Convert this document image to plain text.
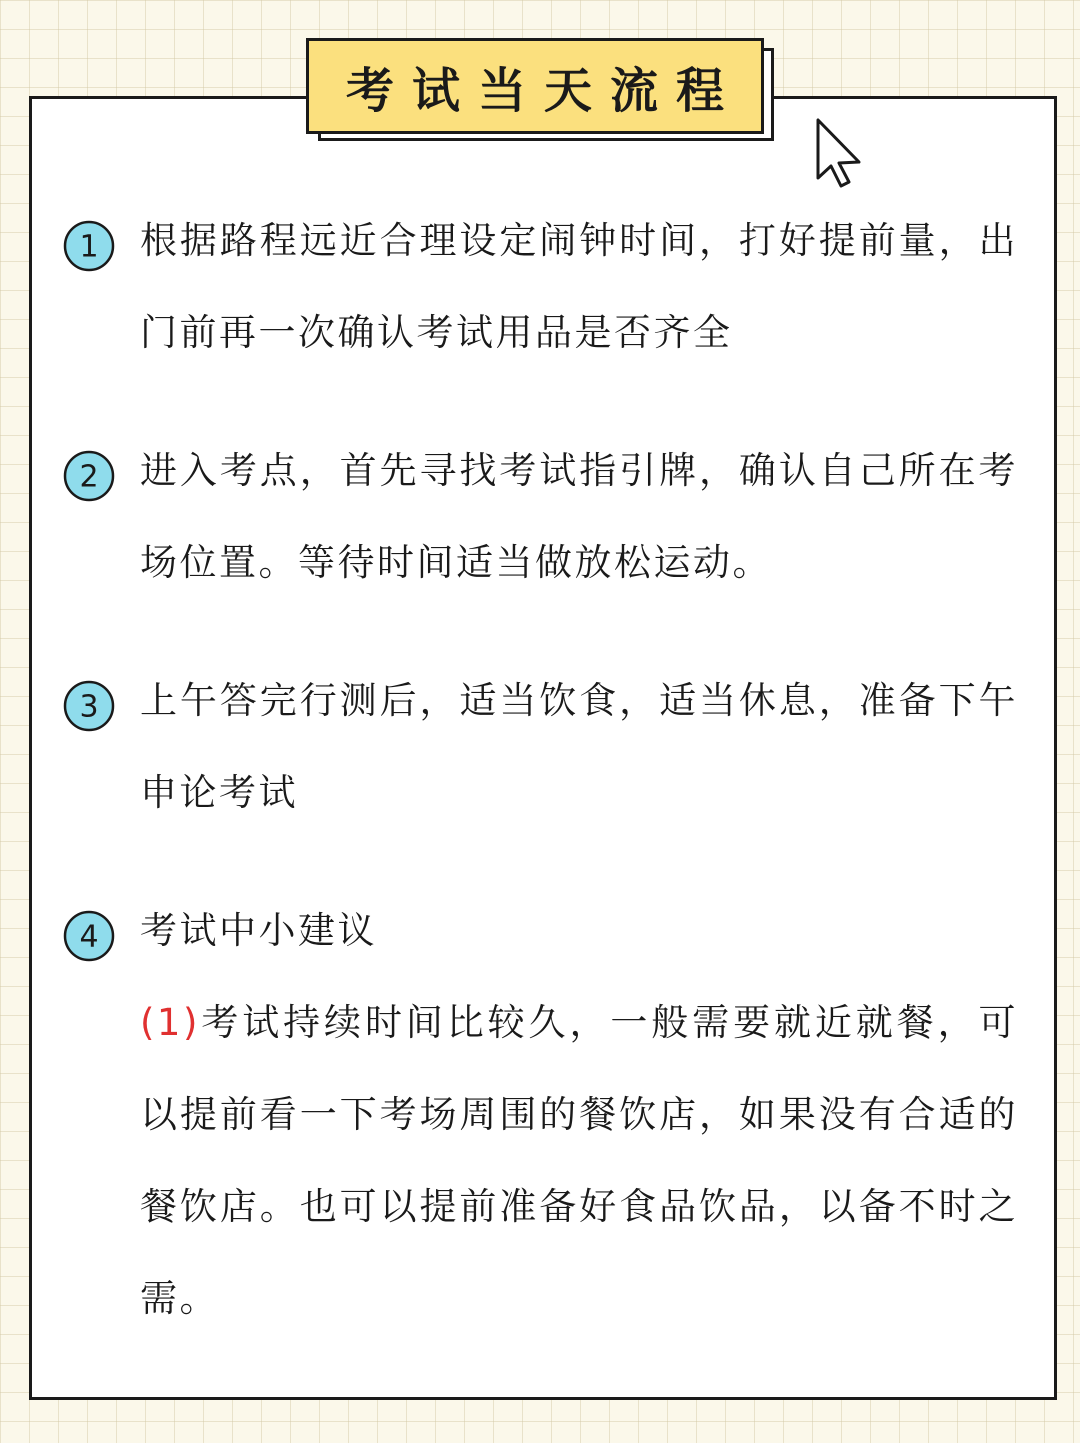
考试当天流程
1 根据路程远近合理设定闹钟时间，打好提前量，出门前再一次确认考试用品是否齐全
2 进入考点，首先寻找考试指引牌，确认自己所在考场位置。等待时间适当做放松运动。
3 上午答完行测后，适当饮食，适当休息，准备下午申论考试
4 考试中小建议
(1)考试持续时间比较久，一般需要就近就餐，可以提前看一下考场周围的餐饮店，如果没有合适的餐饮店。也可以提前准备好食品饮品，以备不时之需。
